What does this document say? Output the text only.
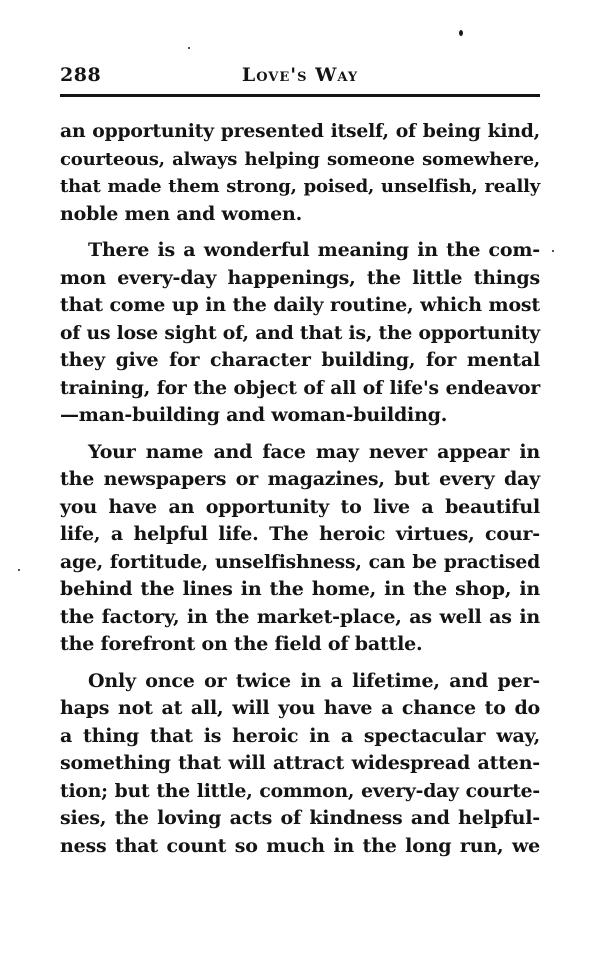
288	Love's Way
an opportunity presented itself, of being kind,
courteous, always helping someone somewhere,
that made them strong, poised, unselfish, really
noble men and women.
There is a wonderful meaning in the com-
mon every-day happenings, the little things
that come up in the daily routine, which most
of us lose sight of, and that is, the opportunity
they give for character building, for mental
training, for the object of all of life's endeavor
—man-building and woman-building.
Your name and face may never appear in
the newspapers or magazines, but every day
you have an opportunity to live a beautiful
life, a helpful life. The heroic virtues, cour-
age, fortitude, unselfishness, can be practised
behind the lines in the home, in the shop, in
the factory, in the market-place, as well as in
the forefront on the field of battle.
Only once or twice in a lifetime, and per-
haps not at all, will you have a chance to do
a thing that is heroic in a spectacular way,
something that will attract widespread atten-
tion; but the little, common, every-day courte-
sies, the loving acts of kindness and helpful-
ness that count so much in the long run, we
